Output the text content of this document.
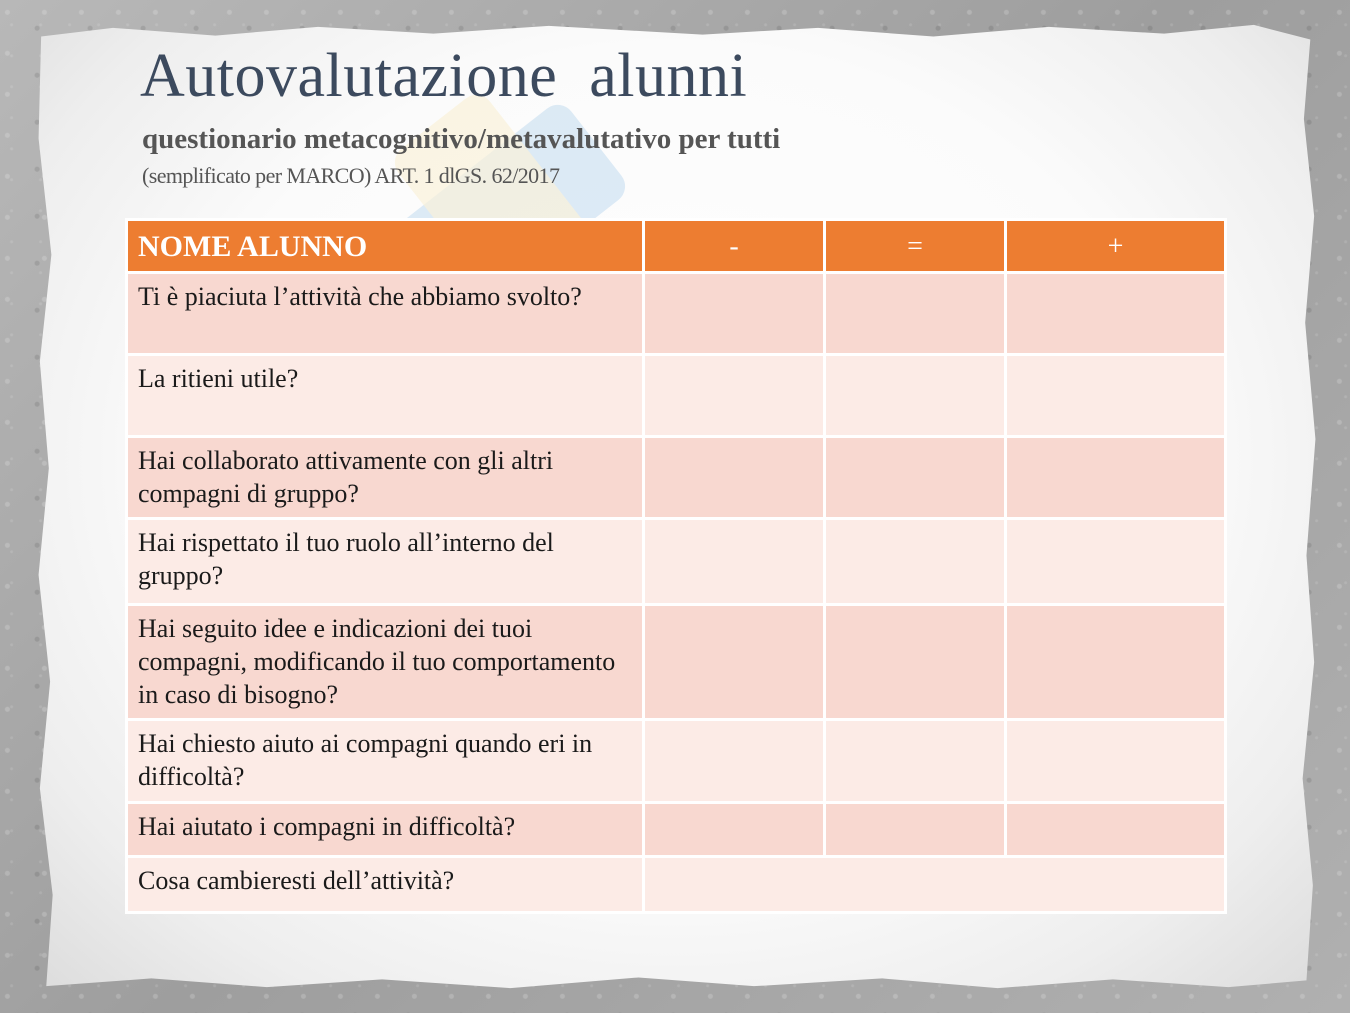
Autovalutazione  alunni
questionario metacognitivo/metavalutativo per tutti

(semplificato per MARCO) ART. 1 dlGS. 62/2017

NOME ALUNNO	-	=	+
Ti è piaciuta l’attività che abbiamo svolto?			
La ritieni utile?			
Hai collaborato attivamente con gli altri compagni di gruppo?			
Hai rispettato il tuo ruolo all’interno del gruppo?			
Hai seguito idee e indicazioni dei tuoi compagni, modificando il tuo comportamento in caso di bisogno?			
Hai chiesto aiuto ai compagni quando eri in difficoltà?			
Hai aiutato i compagni in difficoltà?			
Cosa cambieresti dell’attività?			
